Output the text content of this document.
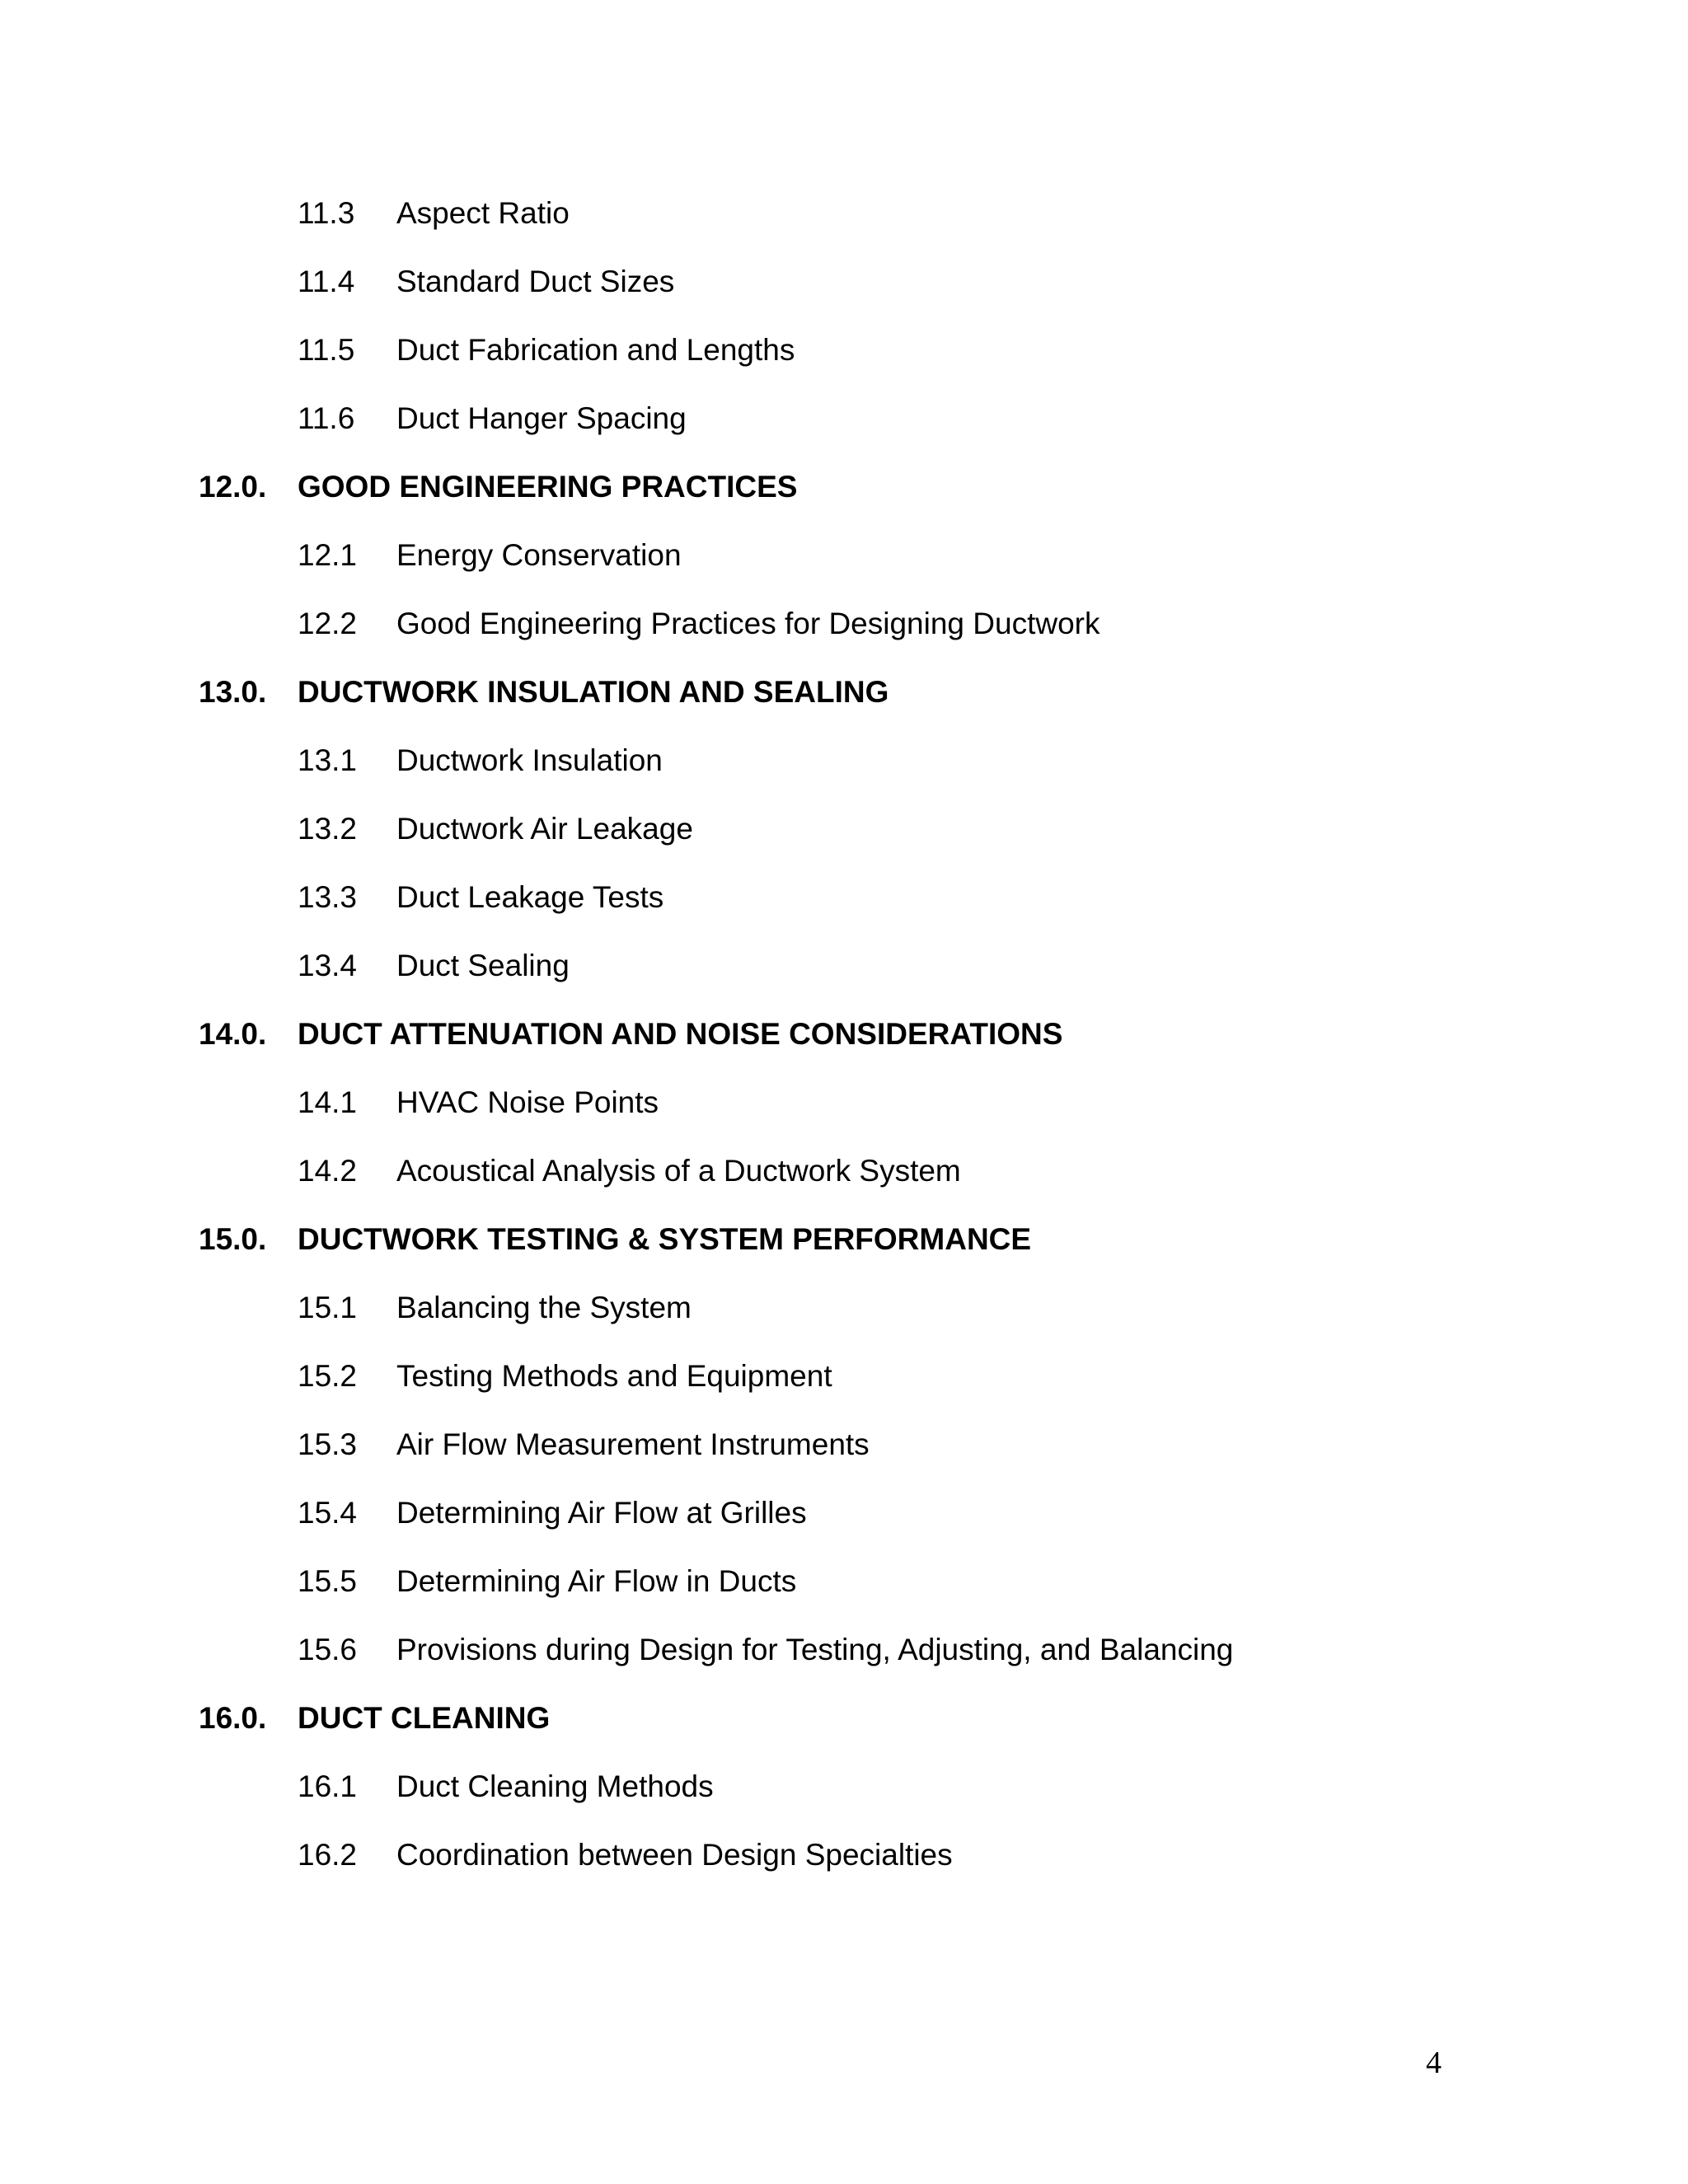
11.3 Aspect Ratio
11.4 Standard Duct Sizes
11.5 Duct Fabrication and Lengths
11.6 Duct Hanger Spacing
12.0. GOOD ENGINEERING PRACTICES
12.1 Energy Conservation
12.2 Good Engineering Practices for Designing Ductwork
13.0. DUCTWORK INSULATION AND SEALING
13.1 Ductwork Insulation
13.2 Ductwork Air Leakage
13.3 Duct Leakage Tests
13.4 Duct Sealing
14.0. DUCT ATTENUATION AND NOISE CONSIDERATIONS
14.1 HVAC Noise Points
14.2 Acoustical Analysis of a Ductwork System
15.0. DUCTWORK TESTING & SYSTEM PERFORMANCE
15.1 Balancing the System
15.2 Testing Methods and Equipment
15.3 Air Flow Measurement Instruments
15.4 Determining Air Flow at Grilles
15.5 Determining Air Flow in Ducts
15.6 Provisions during Design for Testing, Adjusting, and Balancing
16.0. DUCT CLEANING
16.1 Duct Cleaning Methods
16.2 Coordination between Design Specialties
4
